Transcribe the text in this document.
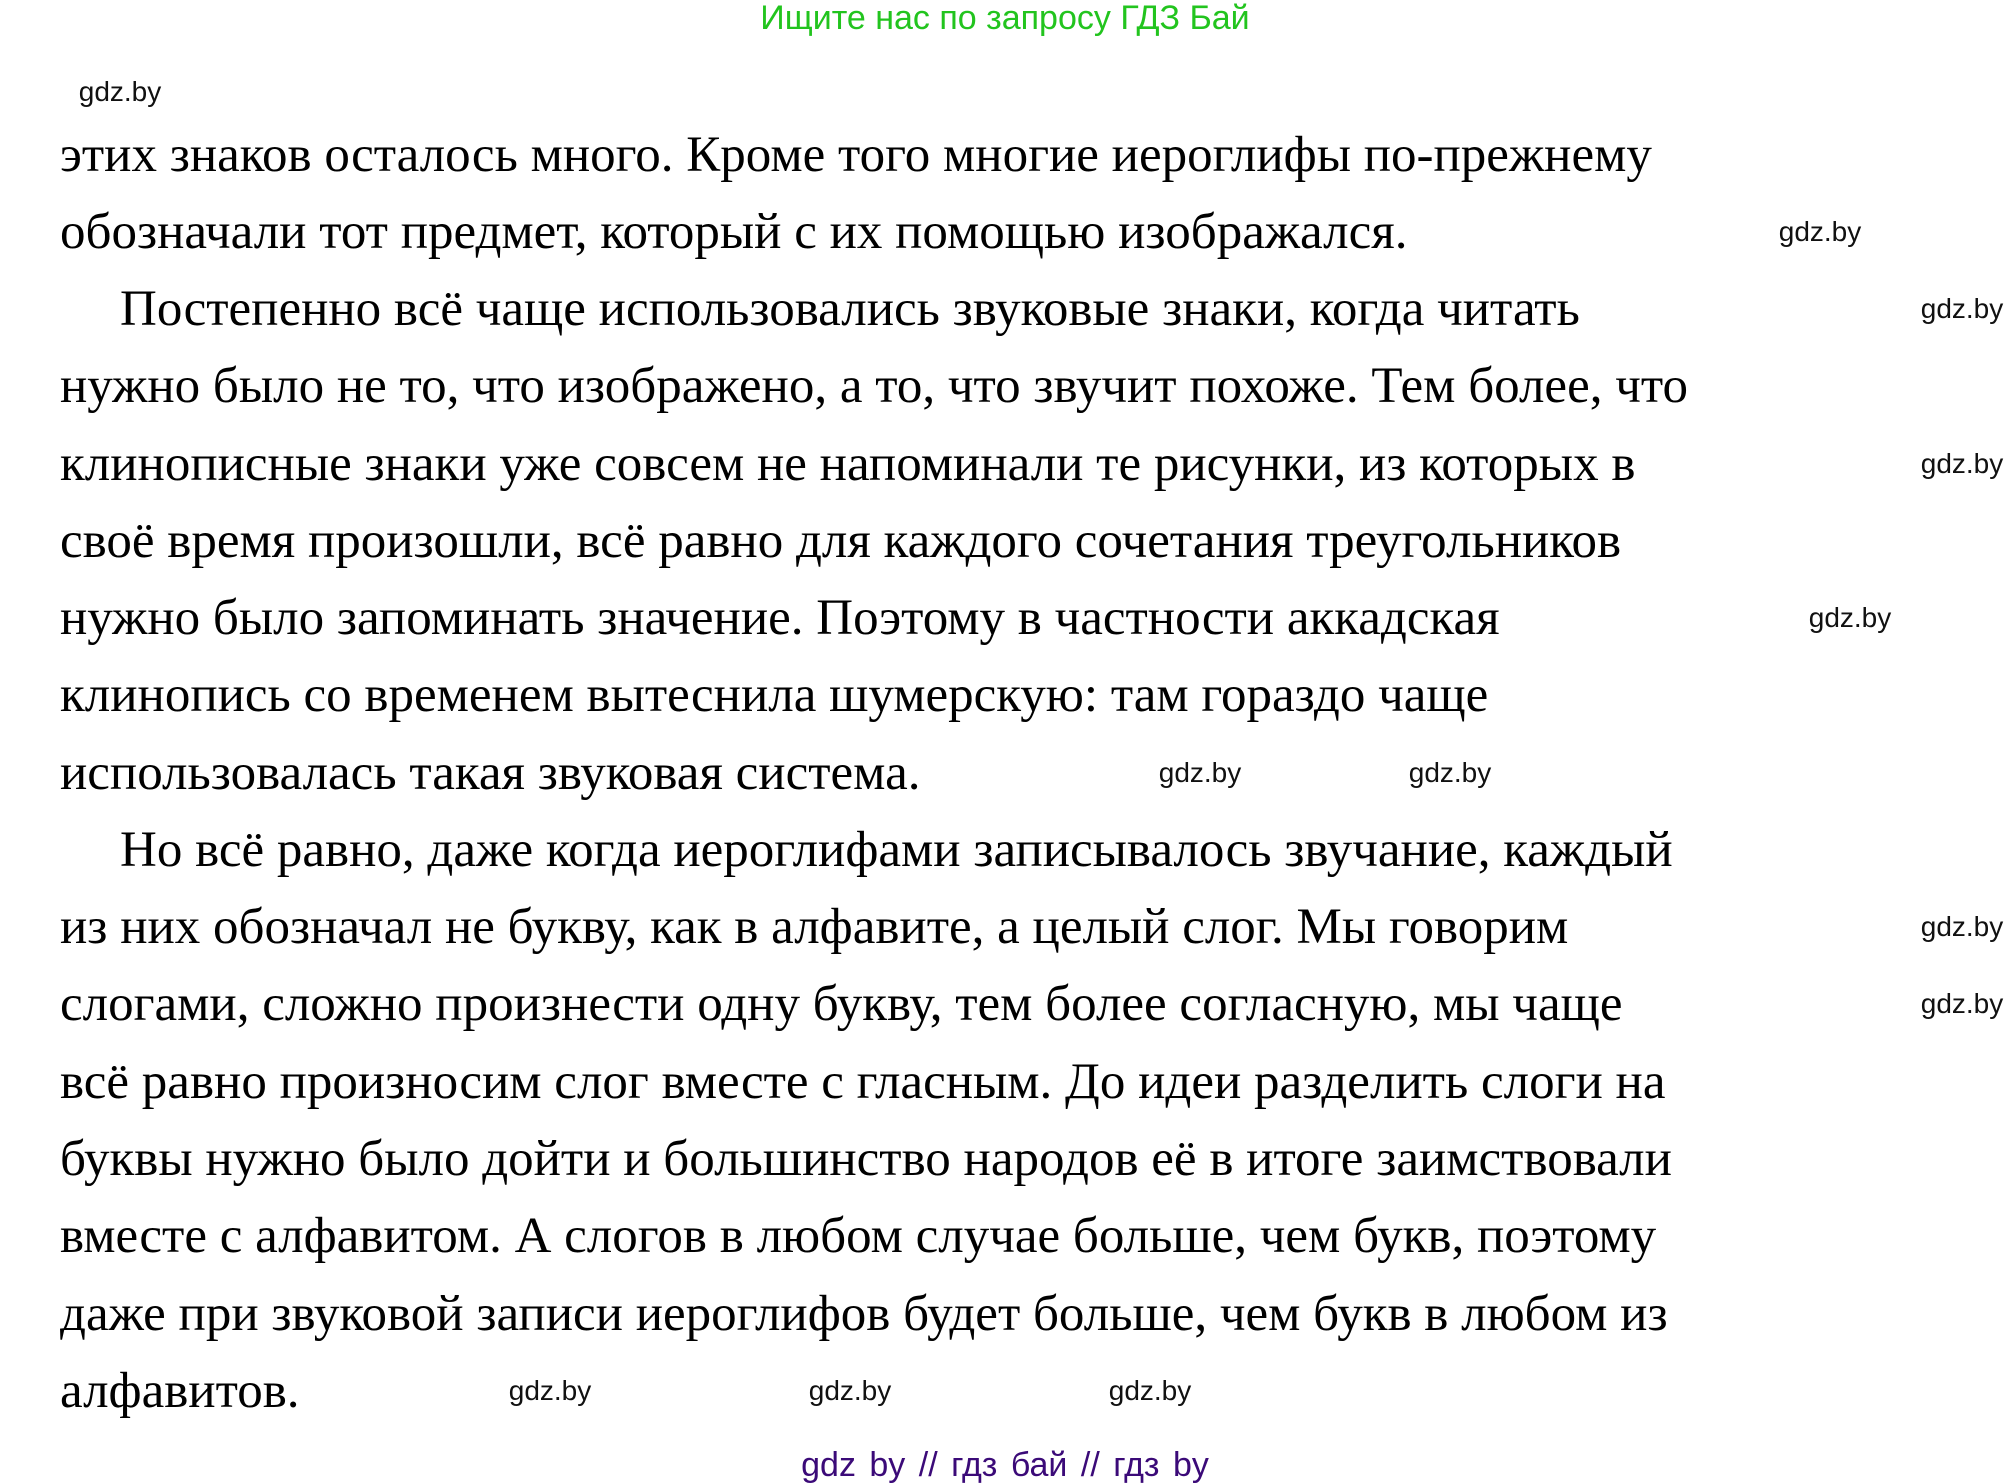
Ищите нас по запросу ГДЗ Бай
этих знаков осталось много. Кроме того многие иероглифы по-прежнему
обозначали тот предмет, который с их помощью изображался.
Постепенно всё чаще использовались звуковые знаки, когда читать
нужно было не то, что изображено, а то, что звучит похоже. Тем более, что
клинописные знаки уже совсем не напоминали те рисунки, из которых в
своё время произошли, всё равно для каждого сочетания треугольников
нужно было запоминать значение. Поэтому в частности аккадская
клинопись со временем вытеснила шумерскую: там гораздо чаще
использовалась такая звуковая система.
Но всё равно, даже когда иероглифами записывалось звучание, каждый
из них обозначал не букву, как в алфавите, а целый слог. Мы говорим
слогами, сложно произнести одну букву, тем более согласную, мы чаще
всё равно произносим слог вместе с гласным. До идеи разделить слоги на
буквы нужно было дойти и большинство народов её в итоге заимствовали
вместе с алфавитом. А слогов в любом случае больше, чем букв, поэтому
даже при звуковой записи иероглифов будет больше, чем букв в любом из
алфавитов.
gdz.by
gdz.by
gdz.by
gdz.by
gdz.by
gdz.by	gdz.by
gdz.by
gdz.by
gdz.by	gdz.by	gdz.by
gdz by // гдз бай // гдз by
